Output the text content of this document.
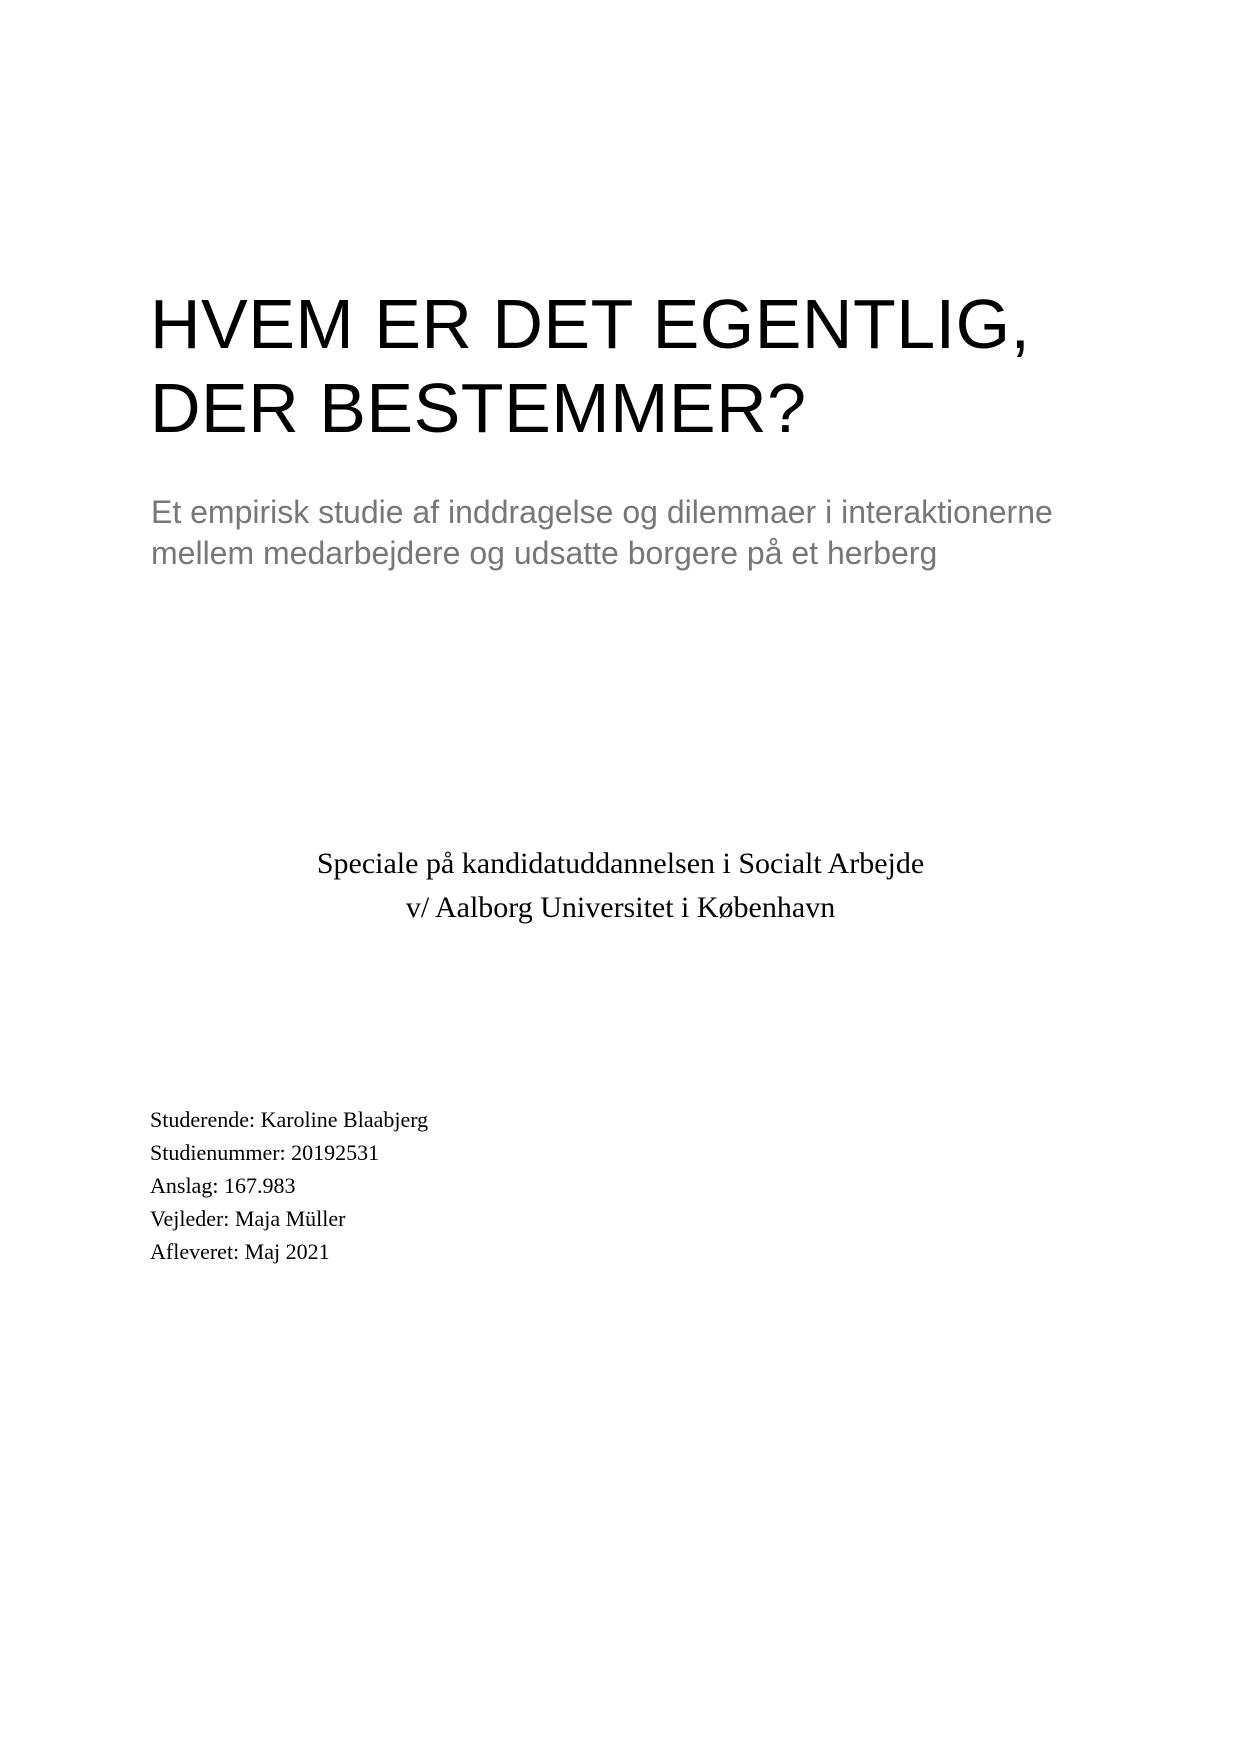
HVEM ER DET EGENTLIG,
DER BESTEMMER?
Et empirisk studie af inddragelse og dilemmaer i interaktionerne
mellem medarbejdere og udsatte borgere på et herberg
Speciale på kandidatuddannelsen i Socialt Arbejde
v/ Aalborg Universitet i København
Studerende: Karoline Blaabjerg
Studienummer: 20192531
Anslag: 167.983
Vejleder: Maja Müller
Afleveret: Maj 2021
